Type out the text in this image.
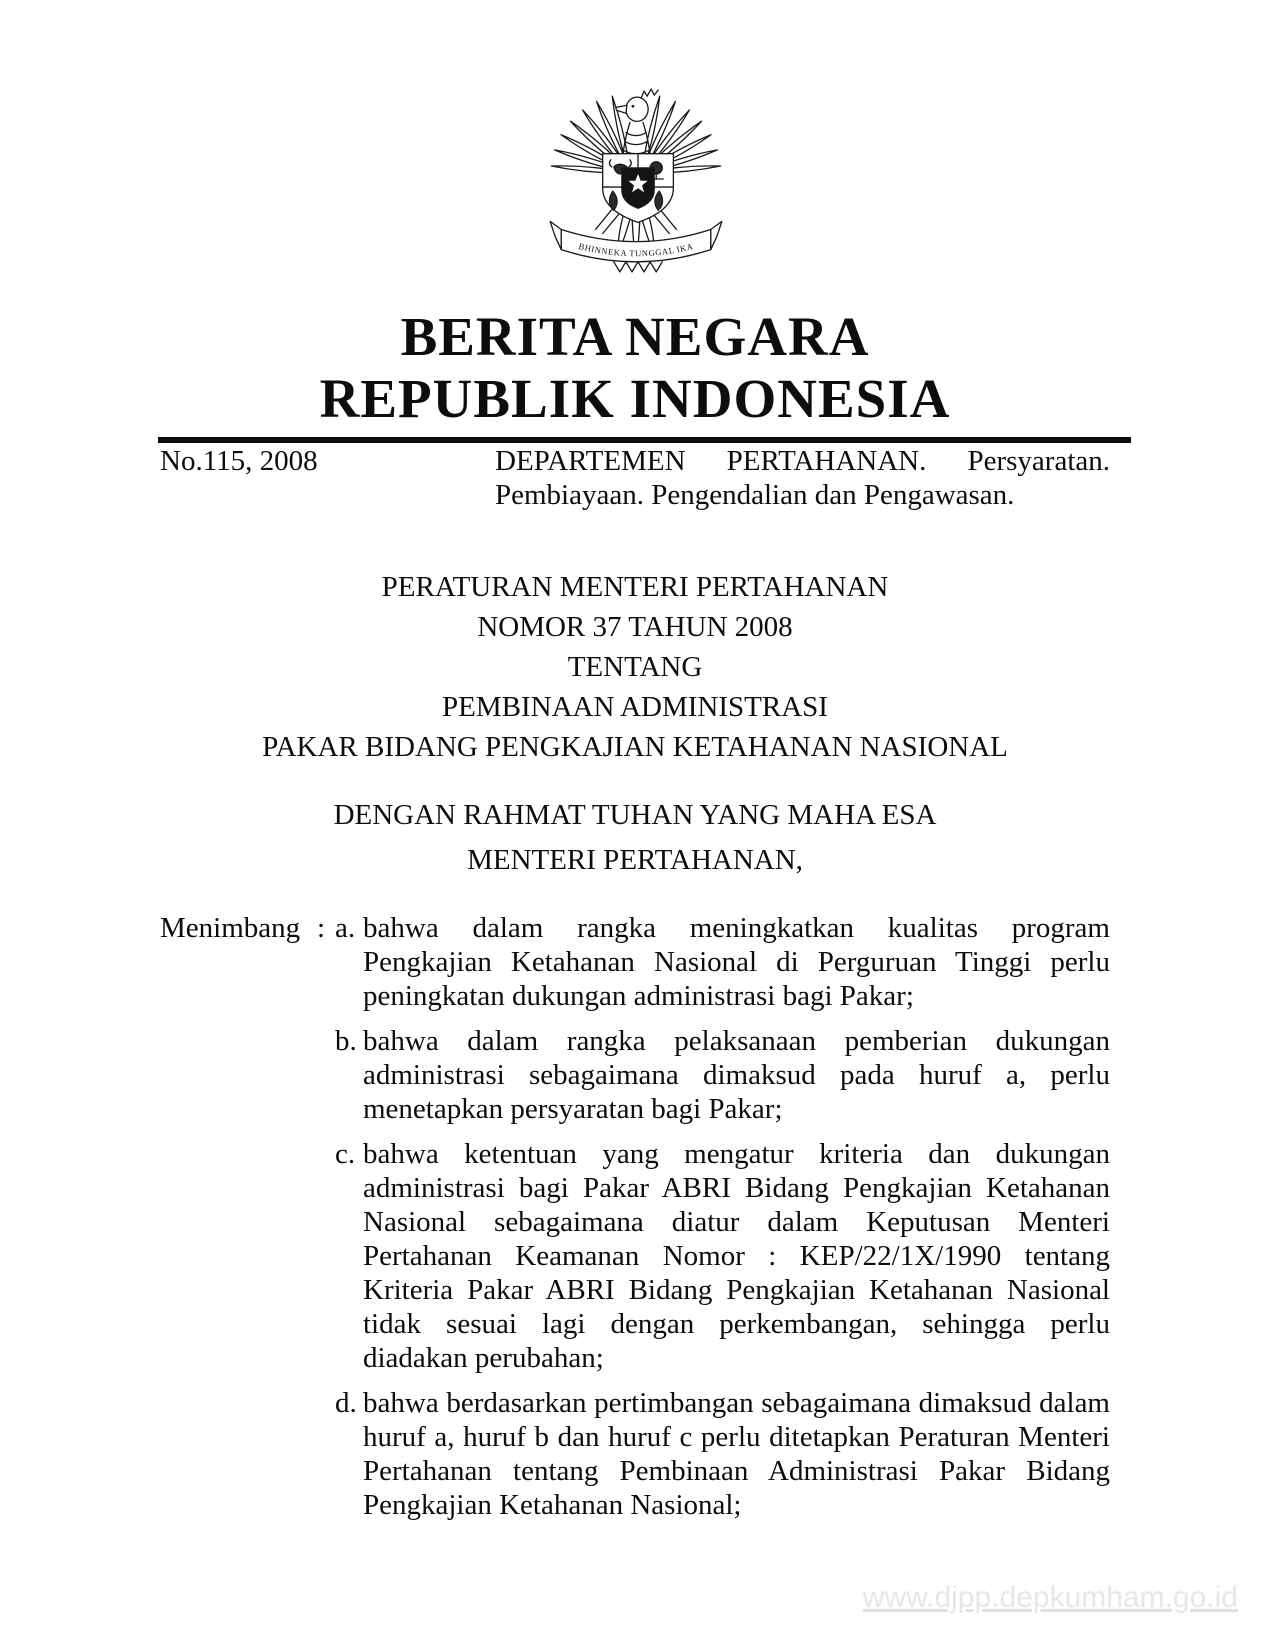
BHINNEKA TUNGGAL IKA
BERITA NEGARA
REPUBLIK INDONESIA
No.115, 2008	DEPARTEMEN PERTAHANAN. Persyaratan.
Pembiayaan. Pengendalian dan Pengawasan.
PERATURAN MENTERI PERTAHANAN
NOMOR 37 TAHUN 2008
TENTANG
PEMBINAAN ADMINISTRASI
PAKAR BIDANG PENGKAJIAN KETAHANAN NASIONAL
DENGAN RAHMAT TUHAN YANG MAHA ESA
MENTERI PERTAHANAN,
Menimbang : a. bahwa dalam rangka meningkatkan kualitas program Pengkajian Ketahanan Nasional di Perguruan Tinggi perlu peningkatan dukungan administrasi bagi Pakar;

b. bahwa dalam rangka pelaksanaan pemberian dukungan administrasi sebagaimana dimaksud pada huruf a, perlu menetapkan persyaratan bagi Pakar;

c. bahwa ketentuan yang mengatur kriteria dan dukungan administrasi bagi Pakar ABRI Bidang Pengkajian Ketahanan Nasional sebagaimana diatur dalam Keputusan Menteri Pertahanan Keamanan Nomor : KEP/22/1X/1990 tentang Kriteria Pakar ABRI Bidang Pengkajian Ketahanan Nasional tidak sesuai lagi dengan perkembangan, sehingga perlu diadakan perubahan;

d. bahwa berdasarkan pertimbangan sebagaimana dimaksud dalam huruf a, huruf b dan huruf c perlu ditetapkan Peraturan Menteri Pertahanan tentang Pembinaan Administrasi Pakar Bidang Pengkajian Ketahanan Nasional;

www.djpp.depkumham.go.id
